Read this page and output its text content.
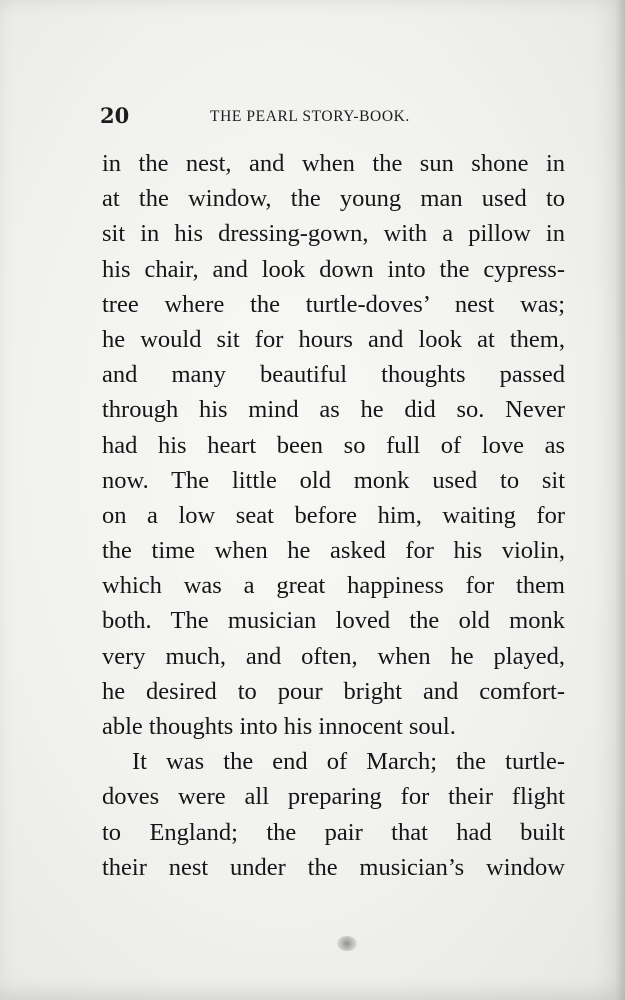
20	THE PEARL STORY-BOOK.
in the nest, and when the sun shone in
at the window, the young man used to
sit in his dressing-gown, with a pillow in
his chair, and look down into the cypress-
tree where the turtle-doves’ nest was;
he would sit for hours and look at them,
and many beautiful thoughts passed
through his mind as he did so. Never
had his heart been so full of love as
now. The little old monk used to sit
on a low seat before him, waiting for
the time when he asked for his violin,
which was a great happiness for them
both. The musician loved the old monk
very much, and often, when he played,
he desired to pour bright and comfort-
able thoughts into his innocent soul.
It was the end of March; the turtle-
doves were all preparing for their flight
to England; the pair that had built
their nest under the musician’s window
